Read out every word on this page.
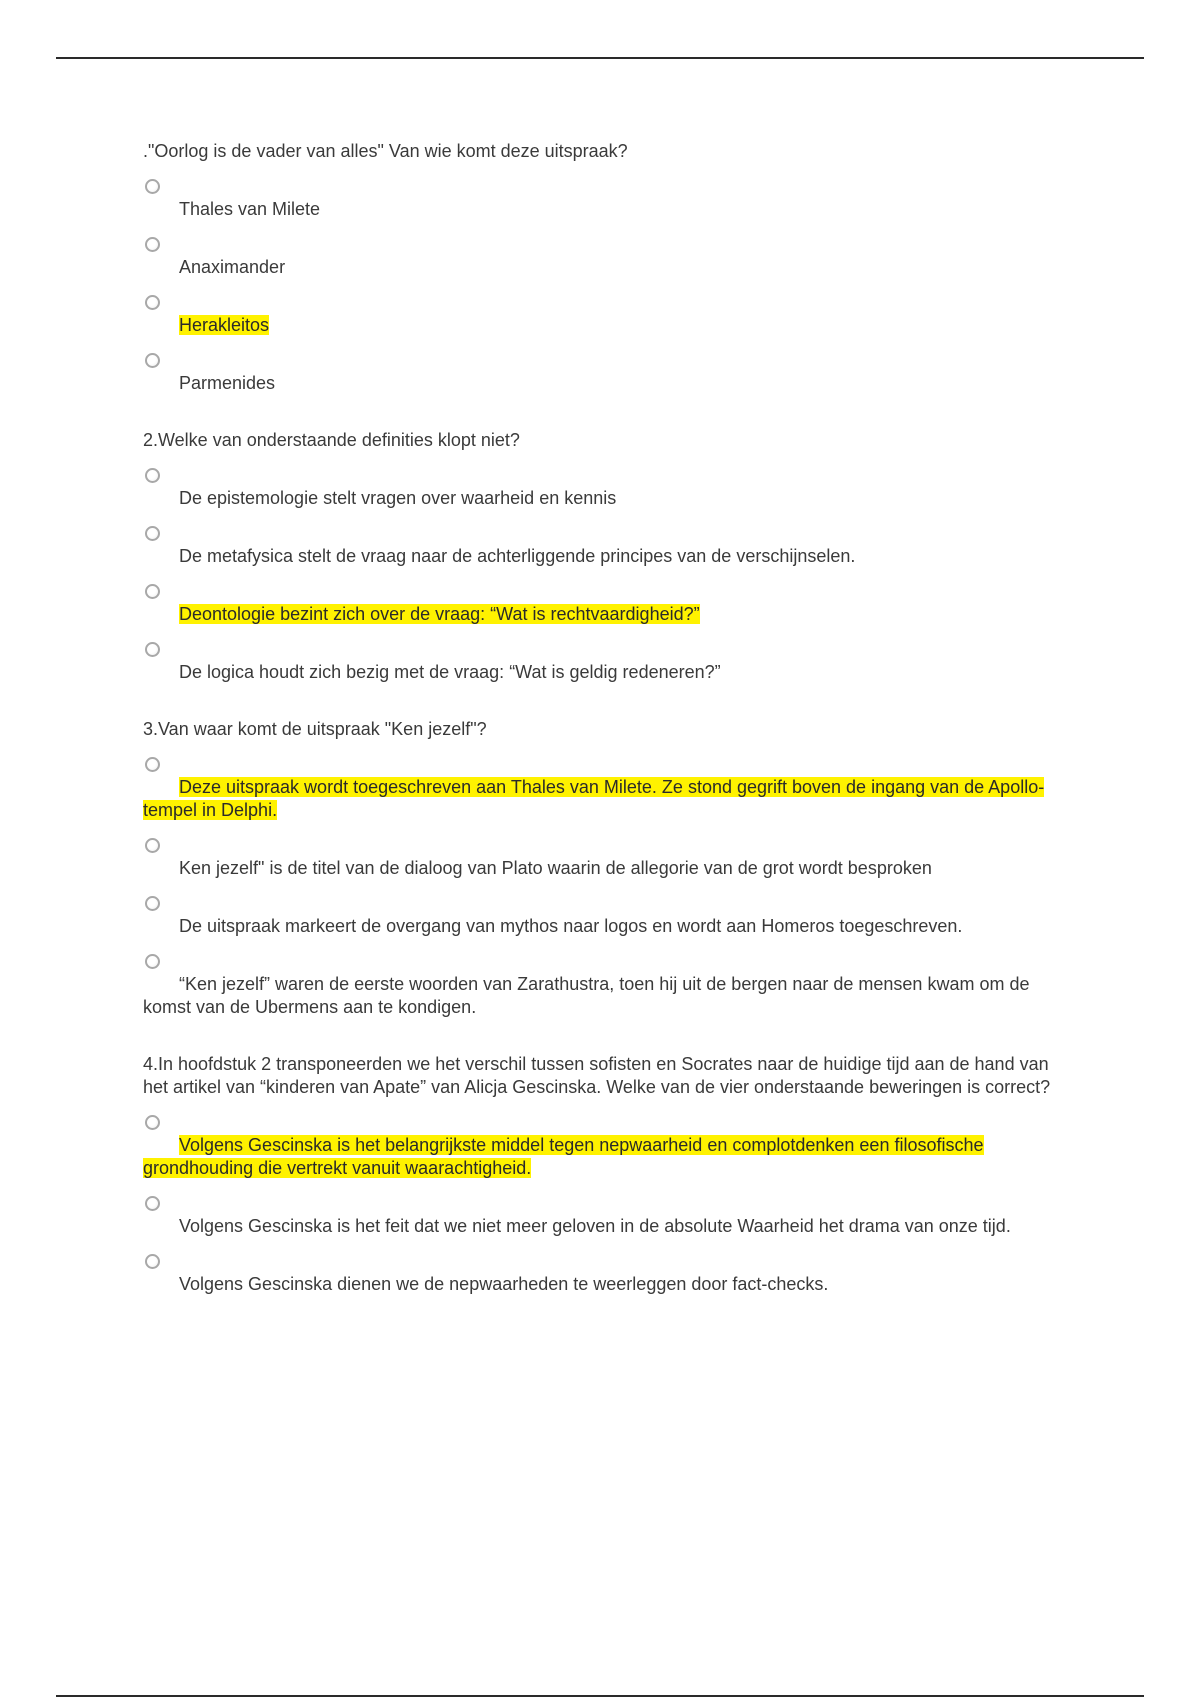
."Oorlog is de vader van alles" Van wie komt deze uitspraak?
Thales van Milete
Anaximander
Herakleitos
Parmenides
2.Welke van onderstaande definities klopt niet?
De epistemologie stelt vragen over waarheid en kennis
De metafysica stelt de vraag naar de achterliggende principes van de verschijnselen.
Deontologie bezint zich over de vraag: “Wat is rechtvaardigheid?”
De logica houdt zich bezig met de vraag: “Wat is geldig redeneren?”
3.Van waar komt de uitspraak "Ken jezelf"?
Deze uitspraak wordt toegeschreven aan Thales van Milete. Ze stond gegrift boven de ingang van de Apollo-tempel in Delphi.
Ken jezelf" is de titel van de dialoog van Plato waarin de allegorie van de grot wordt besproken
De uitspraak markeert de overgang van mythos naar logos en wordt aan Homeros toegeschreven.
“Ken jezelf” waren de eerste woorden van Zarathustra, toen hij uit de bergen naar de mensen kwam om de komst van de Ubermens aan te kondigen.
4.In hoofdstuk 2 transponeerden we het verschil tussen sofisten en Socrates naar de huidige tijd aan de hand van het artikel van “kinderen van Apate” van Alicja Gescinska. Welke van de vier onderstaande beweringen is correct?
Volgens Gescinska is het belangrijkste middel tegen nepwaarheid en complotdenken een filosofische grondhouding die vertrekt vanuit waarachtigheid.
Volgens Gescinska is het feit dat we niet meer geloven in de absolute Waarheid het drama van onze tijd.
Volgens Gescinska dienen we de nepwaarheden te weerleggen door fact-checks.
